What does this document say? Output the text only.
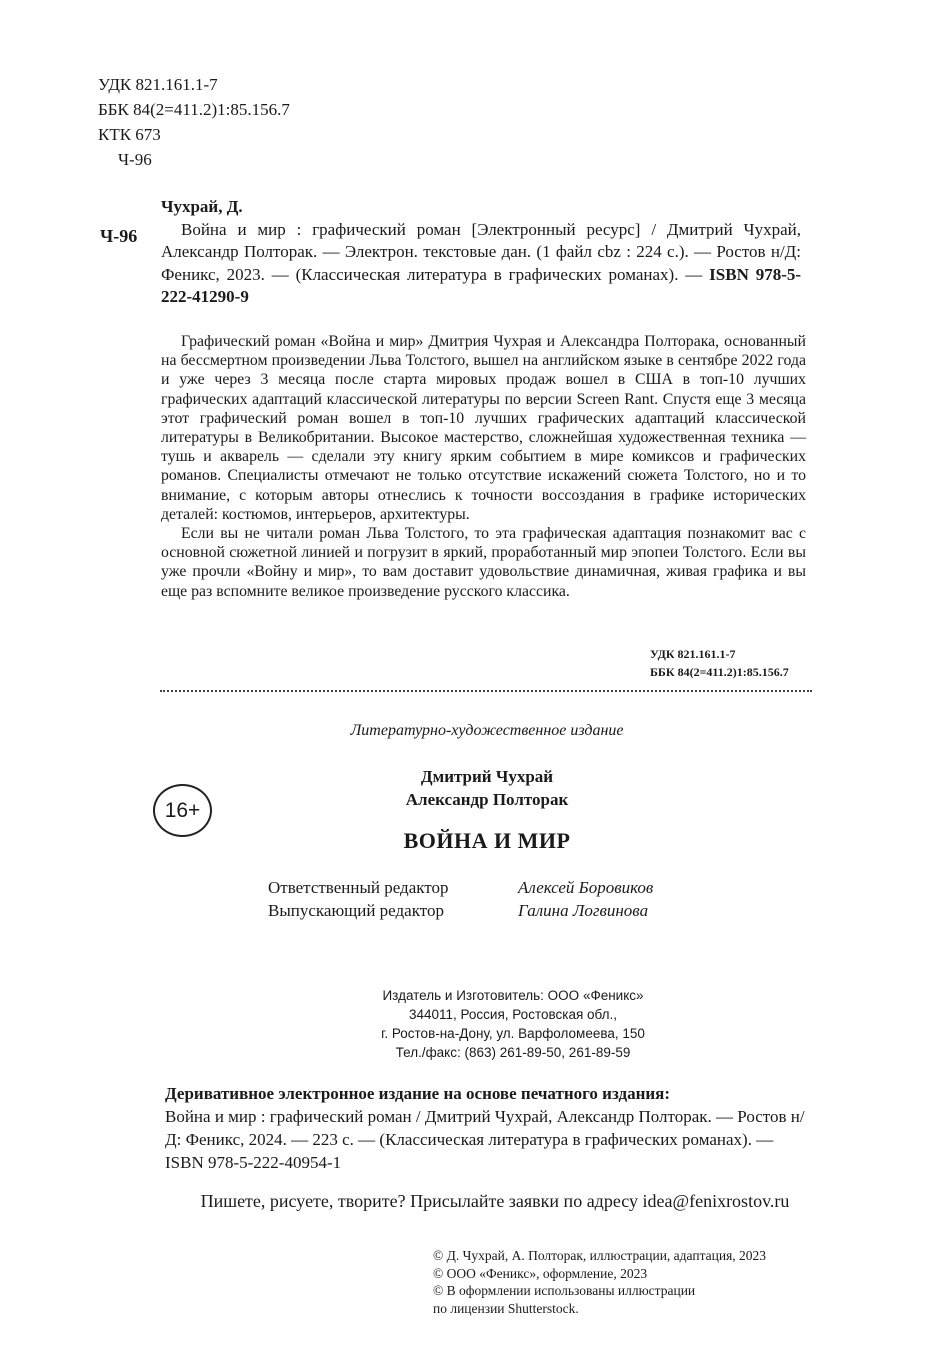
УДК 821.161.1-7
ББК 84(2=411.2)1:85.156.7
КТК 673
Ч-96
Ч-96
Чухрай, Д.
Война и мир : графический роман [Электронный ресурс] / Дмитрий Чухрай, Александр Полторак. — Электрон. текстовые дан. (1 файл cbz : 224 с.). — Ростов н/Д: Феникс, 2023. — (Классическая литература в графических романах). — ISBN 978-5-222-41290-9

Графический роман «Война и мир» Дмитрия Чухрая и Александра Полторака, основанный на бессмертном произведении Льва Толстого, вышел на английском языке в сентябре 2022 года и уже через 3 месяца после старта мировых продаж вошел в США в топ-10 лучших графических адаптаций классической литературы по версии Screen Rant. Спустя еще 3 месяца этот графический роман вошел в топ-10 лучших графических адаптаций классической литературы в Великобритании. Высокое мастерство, сложнейшая художественная техника — тушь и акварель — сделали эту книгу ярким событием в мире комиксов и графических романов. Специалисты отмечают не только отсутствие искажений сюжета Толстого, но и то внимание, с которым авторы отнеслись к точности воссоздания в графике исторических деталей: костюмов, интерьеров, архитектуры.

Если вы не читали роман Льва Толстого, то эта графическая адаптация познакомит вас с основной сюжетной линией и погрузит в яркий, проработанный мир эпопеи Толстого. Если вы уже прочли «Войну и мир», то вам доставит удовольствие динамичная, живая графика и вы еще раз вспомните великое произведение русского классика.

УДК 821.161.1-7
ББК 84(2=411.2)1:85.156.7
Литературно-художественное издание
Дмитрий Чухрай
Александр Полторак
16+
ВОЙНА И МИР
Ответственный редактор	Алексей Боровиков
Выпускающий редактор	Галина Логвинова
Издатель и Изготовитель: ООО «Феникс»
344011, Россия, Ростовская обл.,
г. Ростов-на-Дону, ул. Варфоломеева, 150
Тел./факс: (863) 261-89-50, 261-89-59
Деривативное электронное издание на основе печатного издания:
Война и мир : графический роман / Дмитрий Чухрай, Александр Полторак. — Ростов н/Д: Феникс, 2024. — 223 с. — (Классическая литература в графических романах). — ISBN 978-5-222-40954-1
Пишете, рисуете, творите? Присылайте заявки по адресу idea@fenixrostov.ru
© Д. Чухрай, А. Полторак, иллюстрации, адаптация, 2023
© ООО «Феникс», оформление, 2023
© В оформлении использованы иллюстрации
по лицензии Shutterstock.
